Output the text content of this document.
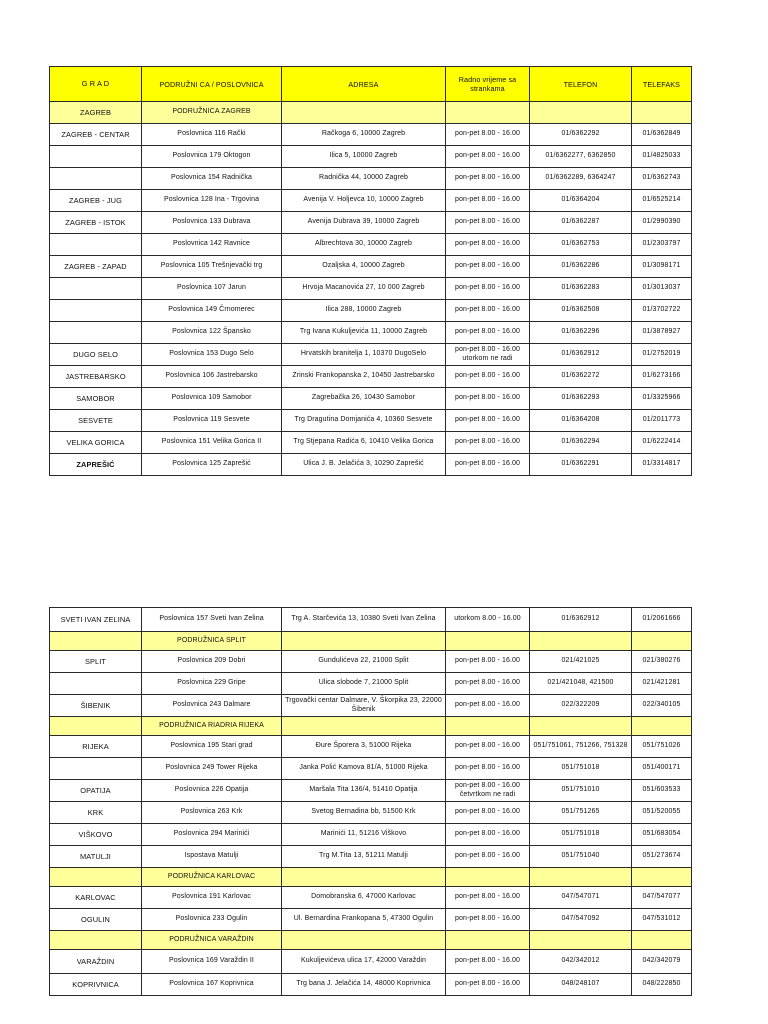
G R A D	PODRUŽNI CA / POSLOVNICA	ADRESA	Radno vrijeme sa strankama	TELEFON	TELEFAKS
ZAGREB	PODRUŽNICA ZAGREB				
ZAGREB - CENTAR	Poslovnica 116 Rački	Račkoga 6, 10000 Zagreb	pon-pet 8.00 - 16.00	01/6362292	01/6362849
	Poslovnica 179 Oktogon	Ilica 5, 10000 Zagreb	pon-pet 8.00 - 16.00	01/6362277, 6362850	01/4825033
	Poslovnica 154 Radnička	Radnička 44, 10000 Zagreb	pon-pet 8.00 - 16.00	01/6362289, 6364247	01/6362743
ZAGREB - JUG	Poslovnica 128 Ina - Trgovina	Avenija V. Holjevca 10, 10000 Zagreb	pon-pet 8.00 - 16.00	01/6364204	01/6525214
ZAGREB - ISTOK	Poslovnica 133 Dubrava	Avenija Dubrava 39, 10000 Zagreb	pon-pet 8.00 - 16.00	01/6362287	01/2990390
	Poslovnica 142 Ravnice	Albrechtova 30, 10000 Zagreb	pon-pet 8.00 - 16.00	01/6362753	01/2303797
ZAGREB - ZAPAD	Poslovnica 105 Trešnjevački trg	Ozaljska 4, 10000 Zagreb	pon-pet 8.00 - 16.00	01/6362286	01/3098171
	Poslovnica 107 Jarun	Hrvoja Macanovića 27, 10 000 Zagreb	pon-pet 8.00 - 16.00	01/6362283	01/3013037
	Poslovnica 149 Črnomerec	Ilica 288, 10000 Zagreb	pon-pet 8.00 - 16.00	01/6362508	01/3702722
	Poslovnica 122 Špansko	Trg Ivana Kukuljevića 11, 10000 Zagreb	pon-pet 8.00 - 16.00	01/6362296	01/3878927
DUGO SELO	Poslovnica 153 Dugo Selo	Hrvatskih branitelja 1, 10370 DugoSelo	pon-pet 8.00 - 16.00 utorkom ne radi	01/6362912	01/2752019
JASTREBARSKO	Poslovnica 106 Jastrebarsko	Zrinski Frankopanska 2, 10450 Jastrebarsko	pon-pet 8.00 - 16.00	01/6362272	01/6273166
SAMOBOR	Poslovnica 109 Samobor	Zagrebačka 26, 10430 Samobor	pon-pet 8.00 - 16.00	01/6362293	01/3325966
SESVETE	Poslovnica 119 Sesvete	Trg Dragutina Domjanića 4, 10360 Sesvete	pon-pet 8.00 - 16.00	01/6364208	01/2011773
VELIKA GORICA	Poslovnica 151 Velika Gorica II	Trg Stjepana Radića 6, 10410 Velika Gorica	pon-pet 8.00 - 16.00	01/6362294	01/6222414
ZAPREŠIĆ	Poslovnica 125 Zaprešić	Ulica J. B. Jelačića 3, 10290 Zaprešić	pon-pet 8.00 - 16.00	01/6362291	01/3314817
SVETI IVAN ZELINA	Poslovnica 157 Sveti Ivan Zelina	Trg A. Starčevića 13, 10380 Sveti Ivan Zelina	utorkom 8.00 - 16.00	01/6362912	01/2061666
	PODRUŽNICA SPLIT				
SPLIT	Poslovnica 209 Dobri	Gundulićeva 22, 21000 Split	pon-pet 8.00 - 16.00	021/421025	021/380276
	Poslovnica 229 Gripe	Ulica slobode 7, 21000 Split	pon-pet 8.00 - 16.00	021/421048, 421500	021/421281
ŠIBENIK	Poslovnica 243 Dalmare	Trgovački centar Dalmare, V. Škorpika 23, 22000 Šibenik	pon-pet 8.00 - 16.00	022/322209	022/340105
	PODRUŽNICA RIADRIA RIJEKA				
RIJEKA	Poslovnica 195 Stari grad	Đure Šporera 3, 51000 Rijeka	pon-pet 8.00 - 16.00	051/751061, 751266, 751328	051/751026
	Poslovnica 249 Tower Rijeka	Janka Polić Kamova 81/A, 51000 Rijeka	pon-pet 8.00 - 16.00	051/751018	051/400171
OPATIJA	Poslovnica 226 Opatija	Maršala Tita 136/4, 51410 Opatija	pon-pet 8.00 - 16.00 četvrtkom ne radi	051/751010	051/603533
KRK	Poslovnica 263 Krk	Svetog Bernadina bb, 51500 Krk	pon-pet 8.00 - 16.00	051/751265	051/520055
VIŠKOVO	Poslovnica 294 Marinići	Marinići 11, 51216 Viškovo	pon-pet 8.00 - 16.00	051/751018	051/683054
MATULJI	Ispostava Matulji	Trg M.Tita 13, 51211 Matulji	pon-pet 8.00 - 16.00	051/751040	051/273674
	PODRUŽNICA KARLOVAC				
KARLOVAC	Poslovnica 191 Karlovac	Domobranska 6, 47000 Karlovac	pon-pet 8.00 - 16.00	047/547071	047/547077
OGULIN	Poslovnica 233 Ogulin	Ul. Bernardina Frankopana 5, 47300 Ogulin	pon-pet 8.00 - 16.00	047/547092	047/531012
	PODRUŽNICA VARAŽDIN				
VARAŽDIN	Poslovnica 169 Varaždin II	Kukuljevićeva ulica 17, 42000 Varaždin	pon-pet 8.00 - 16.00	042/342012	042/342079
KOPRIVNICA	Poslovnica 167 Koprivnica	Trg bana J. Jelačića 14, 48000 Koprivnica	pon-pet 8.00 - 16.00	048/248107	048/222850
